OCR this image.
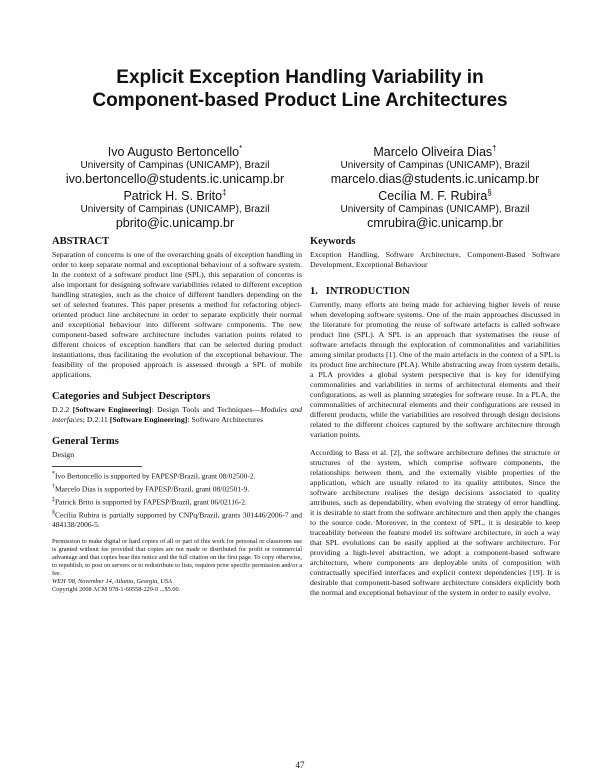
Explicit Exception Handling Variability in
Component-based Product Line Architectures
Ivo Augusto Bertoncello*
University of Campinas (UNICAMP), Brazil
ivo.bertoncello@students.ic.unicamp.br
Marcelo Oliveira Dias†
University of Campinas (UNICAMP), Brazil
marcelo.dias@students.ic.unicamp.br
Patrick H. S. Brito‡
University of Campinas (UNICAMP), Brazil
pbrito@ic.unicamp.br
Cecília M. F. Rubira§
University of Campinas (UNICAMP), Brazil
cmrubira@ic.unicamp.br
ABSTRACT

Separation of concerns is one of the overarching goals of exception handling in order to keep separate normal and exceptional behaviour of a software system. In the context of a software product line (SPL), this separation of concerns is also important for designing software variabilities related to different exception handling strategies, such as the choice of different handlers depending on the set of selected features. This paper presents a method for refactoring object-oriented product line architecture in order to separate explicitly their normal and exceptional behaviour into different software components. The new component-based software architecture includes variation points related to different choices of exception handlers that can be selected during product instantiations, thus facilitating the evolution of the exceptional behaviour. The feasibility of the proposed approach is assessed through a SPL of mobile applications.

Categories and Subject Descriptors

D.2.2 [Software Engineering]: Design Tools and Techniques—Modules and interfaces; D.2.11 [Software Engineering]: Software Architectures

General Terms

Design

*Ivo Bertoncello is supported by FAPESP/Brazil, grant 08/02500-2.
†Marcelo Dias is supported by FAPESP/Brazil, grant 08/02501-9.
‡Patrick Brito is supported by FAPESP/Brazil, grant 06/02116-2.
§Cecília Rubira is partially supported by CNPq/Brazil, grants 301446/2006-7 and 484138/2006-5.
Permission to make digital or hard copies of all or part of this work for personal or classroom use is granted without fee provided that copies are not made or distributed for profit or commercial advantage and that copies bear this notice and the full citation on the first page. To copy otherwise, to republish, to post on servers or to redistribute to lists, requires prior specific permission and/or a fee.
WEH '08, November 14, Atlanta, Georgia, USA
Copyright 2008 ACM 978-1-60558-229-0 ...$5.00.
Keywords

Exception Handling, Software Architecture, Component-Based Software Development, Exceptional Behaviour

1.   INTRODUCTION

Currently, many efforts are being made for achieving higher levels of reuse when developing software systems. One of the main approaches discussed in the literature for promoting the reuse of software artefacts is called software product line (SPL). A SPL is an approach that systematises the reuse of software artefacts through the exploration of commonalities and variabilities among similar products [1]. One of the main artefacts in the context of a SPL is its product line architecture (PLA). While abstracting away from system details, a PLA provides a global system perspective that is key for identifying commonalities and variabilities in terms of architectural elements and their configurations, as well as planning strategies for software reuse. In a PLA, the commonalities of architectural elements and their configurations are reused in different products, while the variabilities are resolved through design decisions related to the different choices captured by the software architecture through variation points.

According to Bass et al. [2], the software architecture defines the structure or structures of the system, which comprise software components, the relationships between them, and the externally visible properties of the application, which are usually related to its quality attributes. Since the software architecture realises the design decisions associated to quality attributes, such as dependability, when evolving the strategy of error handling, it is desirable to start from the software architecture and then apply the changes to the source code. Moreover, in the context of SPL, it is desirable to keep traceability between the feature model its software architecture, in such a way that SPL evolutions can be easily applied at the software architecture. For providing a high-level abstraction, we adopt a component-based software architecture, where components are deployable units of composition with contractually specified interfaces and explicit context dependencies [19]. It is desirable that component-based software architecture considers explicitly both the normal and exceptional behaviour of the system in order to easily evolve.

47
